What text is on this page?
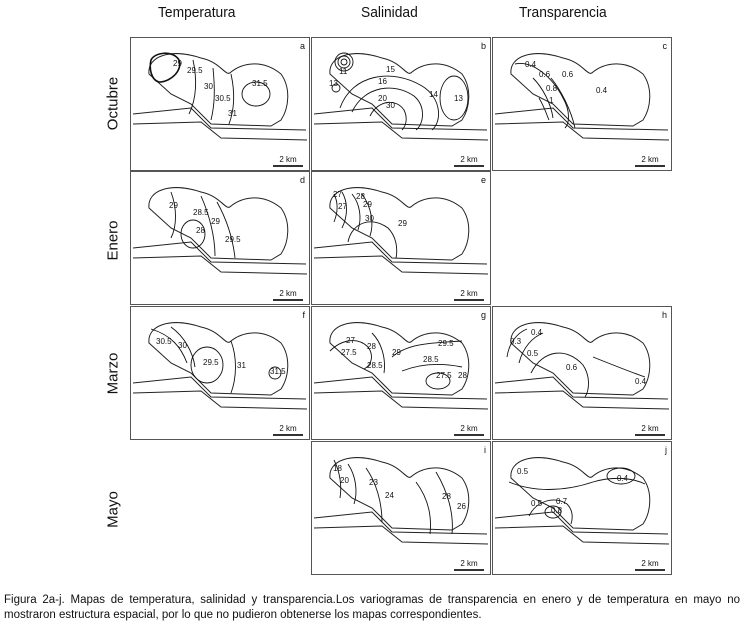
Temperatura	Salinidad	Transparencia
Octubre
Enero
Marzo
Mayo
a
29
29.5
30
30.5
31
31.5
2 km
b
11
13
15
16
20
30
14 13
2 km
c
0.4
0.6 0.6
0.8
1
0.4
2 km
d
29
28.5
29
28
29.5
2 km
e
27
27
28
29
30
29
2 km
f
30.5 30
29.5 31
31.5
2 km
g
27
27.5
28
29
28.5
29.5
28.5
27.5 28
2 km
h
0.3
0.4
0.5
0.6
0.4
2 km
i
18
20	23
24	28
26
2 km
j
0.5
0.4
0.5 0.7
0.8
2 km
Figura 2a-j. Mapas de temperatura, salinidad y transparencia.Los variogramas de transparencia en enero y de temperatura en mayo no mostraron estructura espacial, por lo que no pudieron obtenerse los mapas correspondientes.
